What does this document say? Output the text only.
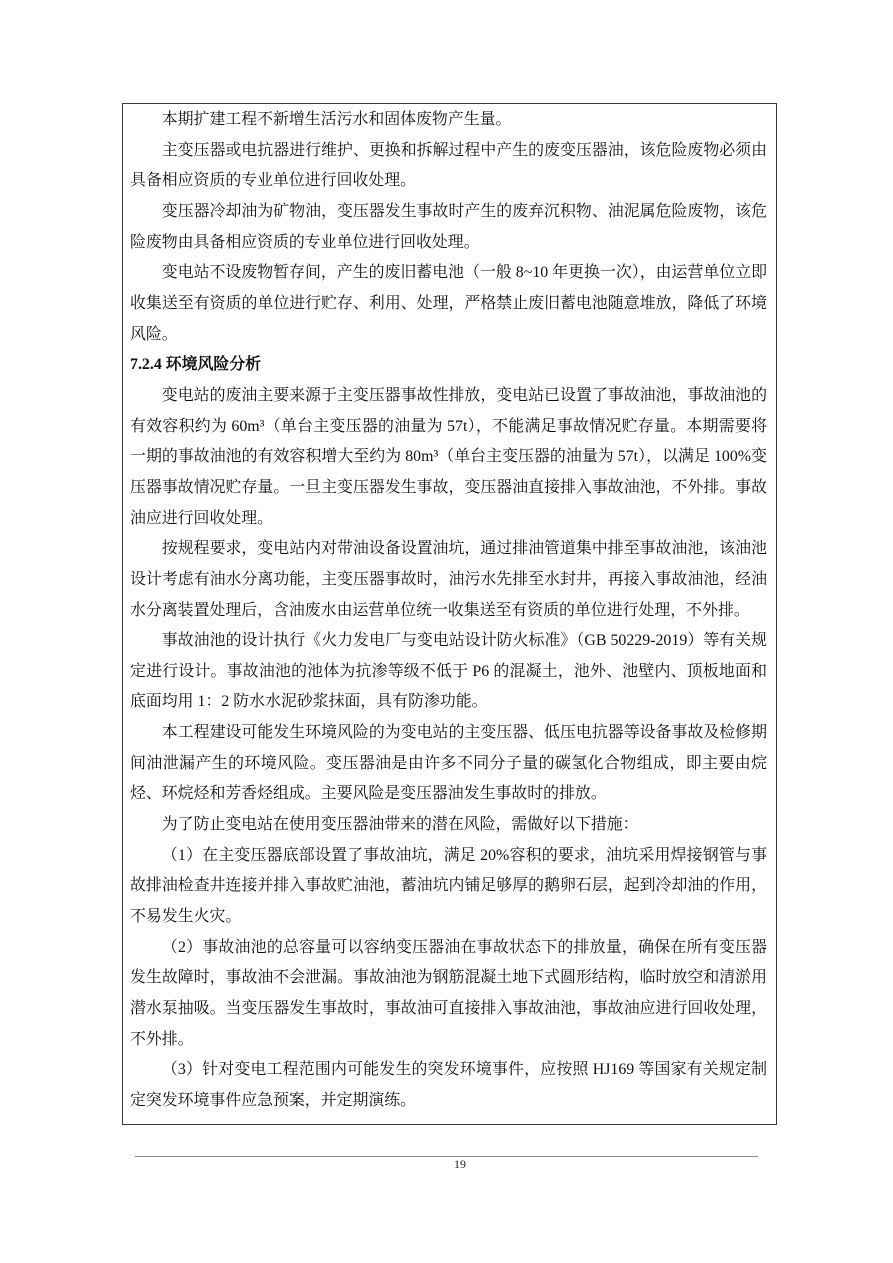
本期扩建工程不新增生活污水和固体废物产生量。

主变压器或电抗器进行维护、更换和拆解过程中产生的废变压器油，该危险废物必须由具备相应资质的专业单位进行回收处理。

变压器冷却油为矿物油，变压器发生事故时产生的废弃沉积物、油泥属危险废物，该危险废物由具备相应资质的专业单位进行回收处理。

变电站不设废物暂存间，产生的废旧蓄电池（一般 8~10 年更换一次），由运营单位立即收集送至有资质的单位进行贮存、利用、处理，严格禁止废旧蓄电池随意堆放，降低了环境风险。

7.2.4 环境风险分析

变电站的废油主要来源于主变压器事故性排放，变电站已设置了事故油池，事故油池的有效容积约为 60m³（单台主变压器的油量为 57t），不能满足事故情况贮存量。本期需要将一期的事故油池的有效容积增大至约为 80m³（单台主变压器的油量为 57t），以满足 100%变压器事故情况贮存量。一旦主变压器发生事故，变压器油直接排入事故油池，不外排。事故油应进行回收处理。

按规程要求，变电站内对带油设备设置油坑，通过排油管道集中排至事故油池，该油池设计考虑有油水分离功能，主变压器事故时，油污水先排至水封井，再接入事故油池，经油水分离装置处理后，含油废水由运营单位统一收集送至有资质的单位进行处理，不外排。

事故油池的设计执行《火力发电厂与变电站设计防火标准》（GB 50229-2019）等有关规定进行设计。事故油池的池体为抗渗等级不低于 P6 的混凝土，池外、池壁内、顶板地面和底面均用 1：2 防水水泥砂浆抹面，具有防渗功能。

本工程建设可能发生环境风险的为变电站的主变压器、低压电抗器等设备事故及检修期间油泄漏产生的环境风险。变压器油是由许多不同分子量的碳氢化合物组成，即主要由烷烃、环烷烃和芳香烃组成。主要风险是变压器油发生事故时的排放。

为了防止变电站在使用变压器油带来的潜在风险，需做好以下措施：

（1）在主变压器底部设置了事故油坑，满足 20%容积的要求，油坑采用焊接钢管与事故排油检查井连接并排入事故贮油池，蓄油坑内铺足够厚的鹅卵石层，起到冷却油的作用，不易发生火灾。

（2）事故油池的总容量可以容纳变压器油在事故状态下的排放量，确保在所有变压器发生故障时，事故油不会泄漏。事故油池为钢筋混凝土地下式圆形结构，临时放空和清淤用潜水泵抽吸。当变压器发生事故时，事故油可直接排入事故油池，事故油应进行回收处理，不外排。

（3）针对变电工程范围内可能发生的突发环境事件，应按照 HJ169 等国家有关规定制定突发环境事件应急预案，并定期演练。

19
